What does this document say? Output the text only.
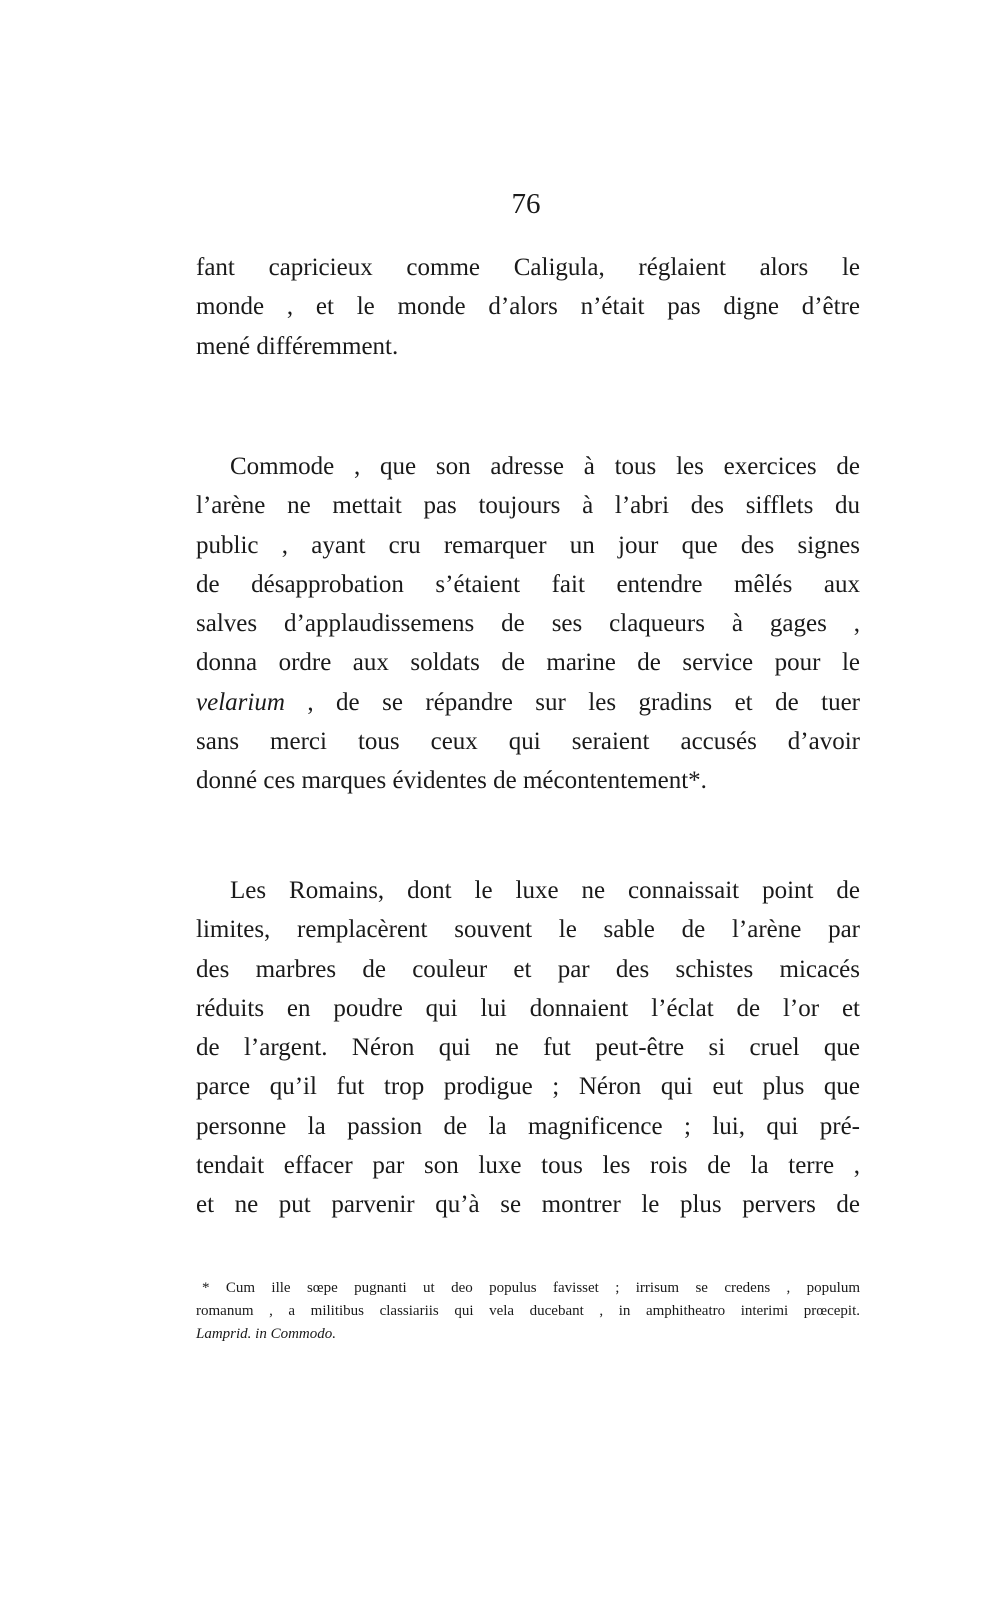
76
fant capricieux comme Caligula, réglaient alors le
monde , et le monde d’alors n’était pas digne d’être
mené différemment.
Commode , que son adresse à tous les exercices de
l’arène ne mettait pas toujours à l’abri des sifflets du
public , ayant cru remarquer un jour que des signes
de désapprobation s’étaient fait entendre mêlés aux
salves d’applaudissemens de ses claqueurs à gages ,
donna ordre aux soldats de marine de service pour le
velarium , de se répandre sur les gradins et de tuer
sans merci tous ceux qui seraient accusés d’avoir
donné ces marques évidentes de mécontentement*.
Les Romains, dont le luxe ne connaissait point de
limites, remplacèrent souvent le sable de l’arène par
des marbres de couleur et par des schistes micacés
réduits en poudre qui lui donnaient l’éclat de l’or et
de l’argent. Néron qui ne fut peut-être si cruel que
parce qu’il fut trop prodigue ; Néron qui eut plus que
personne la passion de la magnificence ; lui, qui pré-
tendait effacer par son luxe tous les rois de la terre ,
et ne put parvenir qu’à se montrer le plus pervers de
* Cum ille sœpe pugnanti ut deo populus favisset ; irrisum se credens , populum
romanum , a militibus classiariis qui vela ducebant , in amphitheatro interimi prœcepit.
Lamprid. in Commodo.
